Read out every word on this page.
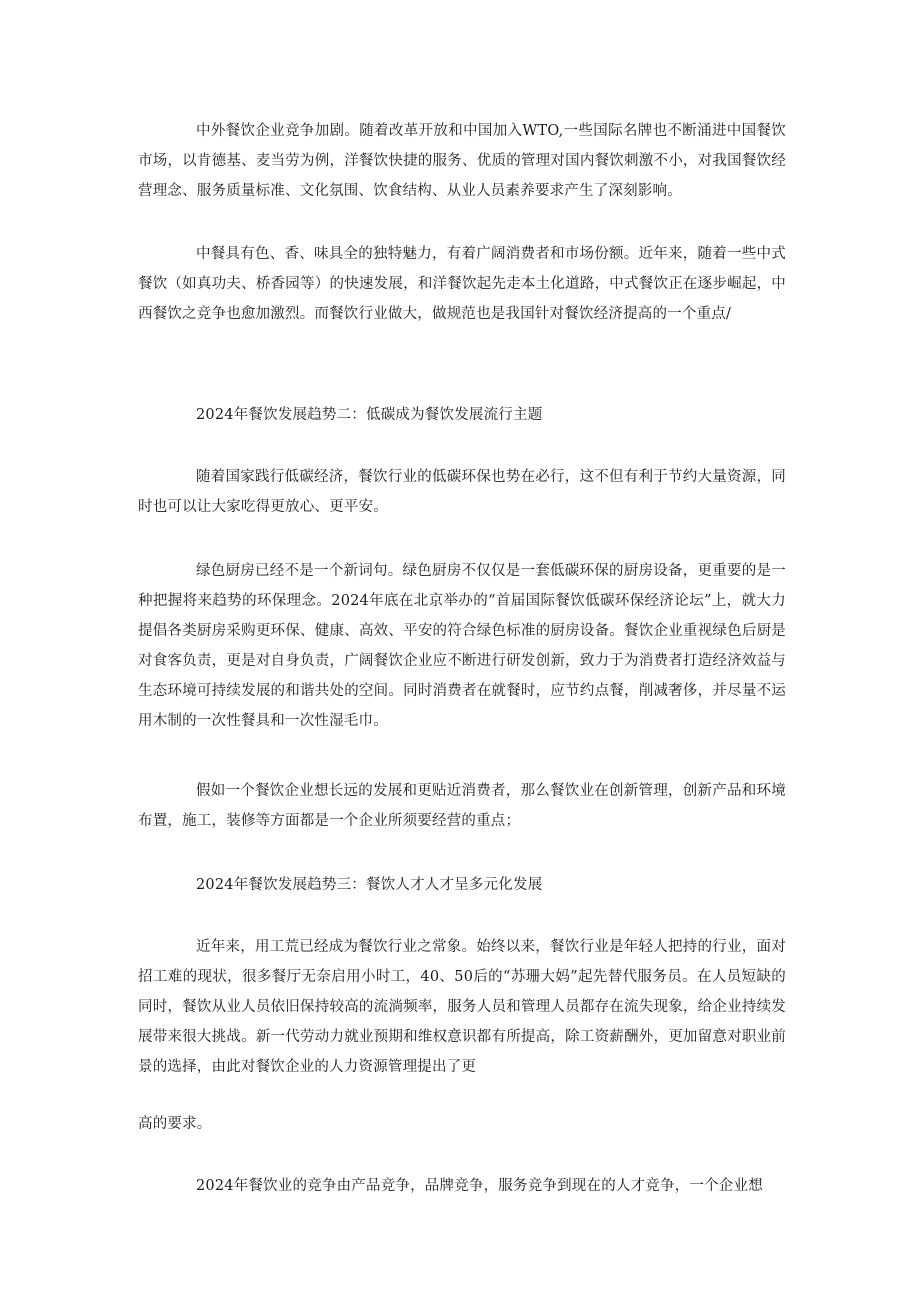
中外餐饮企业竞争加剧。随着改革开放和中国加入WTO,一些国际名牌也不断涌进中国餐饮市场，以肯德基、麦当劳为例，洋餐饮快捷的服务、优质的管理对国内餐饮刺激不小，对我国餐饮经营理念、服务质量标准、文化氛围、饮食结构、从业人员素养要求产生了深刻影响。

中餐具有色、香、味具全的独特魅力，有着广阔消费者和市场份额。近年来，随着一些中式餐饮（如真功夫、桥香园等）的快速发展，和洋餐饮起先走本土化道路，中式餐饮正在逐步崛起，中西餐饮之竞争也愈加激烈。而餐饮行业做大，做规范也是我国针对餐饮经济提高的一个重点/

2024年餐饮发展趋势二：低碳成为餐饮发展流行主题

随着国家践行低碳经济，餐饮行业的低碳环保也势在必行，这不但有利于节约大量资源，同时也可以让大家吃得更放心、更平安。

绿色厨房已经不是一个新词句。绿色厨房不仅仅是一套低碳环保的厨房设备，更重要的是一种把握将来趋势的环保理念。2024年底在北京举办的“首届国际餐饮低碳环保经济论坛”上，就大力提倡各类厨房采购更环保、健康、高效、平安的符合绿色标准的厨房设备。餐饮企业重视绿色后厨是对食客负责，更是对自身负责，广阔餐饮企业应不断进行研发创新，致力于为消费者打造经济效益与生态环境可持续发展的和谐共处的空间。同时消费者在就餐时，应节约点餐，削减奢侈，并尽量不运用木制的一次性餐具和一次性湿毛巾。

假如一个餐饮企业想长远的发展和更贴近消费者，那么餐饮业在创新管理，创新产品和环境布置，施工，装修等方面都是一个企业所须要经营的重点；

2024年餐饮发展趋势三：餐饮人才人才呈多元化发展

近年来，用工荒已经成为餐饮行业之常象。始终以来，餐饮行业是年轻人把持的行业，面对招工难的现状，很多餐厅无奈启用小时工，40、50后的“苏珊大妈”起先替代服务员。在人员短缺的同时，餐饮从业人员依旧保持较高的流淌频率，服务人员和管理人员都存在流失现象，给企业持续发展带来很大挑战。新一代劳动力就业预期和维权意识都有所提高，除工资薪酬外，更加留意对职业前景的选择，由此对餐饮企业的人力资源管理提出了更

高的要求。

2024年餐饮业的竞争由产品竞争，品牌竞争，服务竞争到现在的人才竞争，一个企业想
